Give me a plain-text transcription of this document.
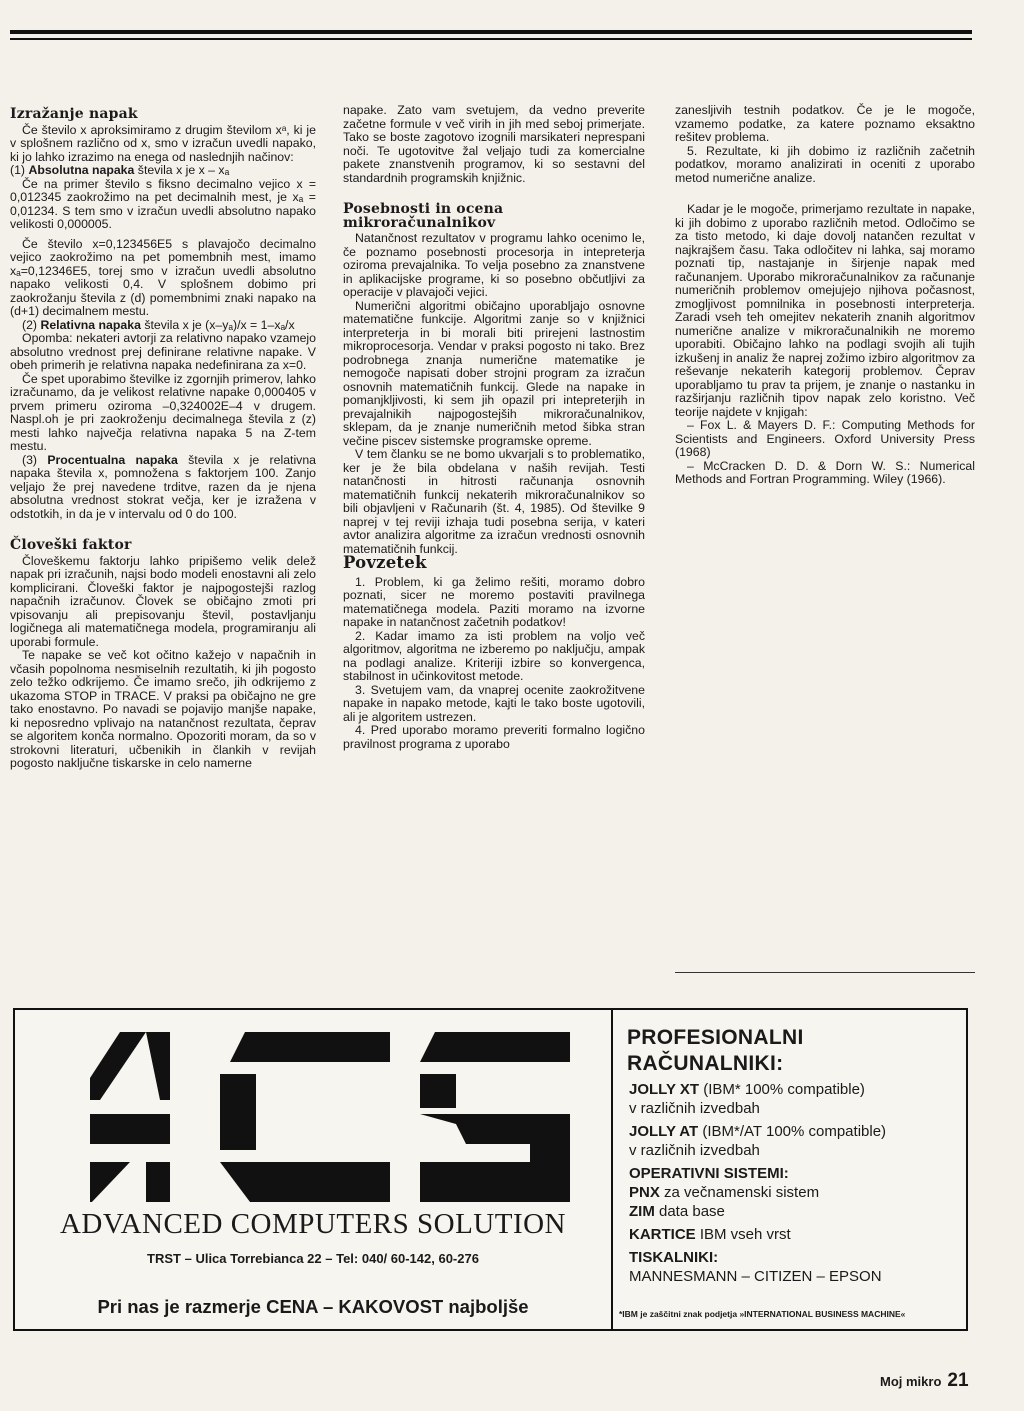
Izražanje napak

Če število x aproksimiramo z drugim številom xᵃ, ki je v splošnem različno od x, smo v izračun uvedli napako, ki jo lahko izrazimo na enega od naslednjih načinov:

(1) Absolutna napaka števila x je x – xₐ

Če na primer število s fiksno decimalno vejico x = 0,012345 zaokrožimo na pet decimalnih mest, je xₐ = 0,01234. S tem smo v izračun uvedli absolutno napako velikosti 0,000005.

Če število x=0,123456E5 s plavajočo decimalno vejico zaokrožimo na pet pomembnih mest, imamo xₐ=0,12346E5, torej smo v izračun uvedli absolutno napako velikosti 0,4. V splošnem dobimo pri zaokrožanju števila z (d) pomembnimi znaki napako na (d+1) decimalnem mestu.

(2) Relativna napaka števila x je (x–yₐ)/x = 1–xₐ/x

Opomba: nekateri avtorji za relativno napako vzamejo absolutno vrednost prej definirane relativne napake. V obeh primerih je relativna napaka nedefinirana za x=0.

Če spet uporabimo številke iz zgornjih primerov, lahko izračunamo, da je velikost relativne napake 0,000405 v prvem primeru oziroma –0,324002E–4 v drugem. Naspl.oh je pri zaokroženju decimalnega števila z (z) mesti lahko največja relativna napaka 5 na Z-tem mestu.

(3) Procentualna napaka števila x je relativna napaka števila x, pomnožena s faktorjem 100. Zanjo veljajo že prej navedene trditve, razen da je njena absolutna vrednost stokrat večja, ker je izražena v odstotkih, in da je v intervalu od 0 do 100.

Človeški faktor

Človeškemu faktorju lahko pripišemo velik delež napak pri izračunih, najsi bodo modeli enostavni ali zelo komplicirani. Človeški faktor je najpogostejši razlog napačnih izračunov. Človek se običajno zmoti pri vpisovanju ali prepisovanju števil, postavljanju logičnega ali matematičnega modela, programiranju ali uporabi formule.

Te napake se več kot očitno kažejo v napačnih in včasih popolnoma nesmiselnih rezultatih, ki jih pogosto zelo težko odkrijemo. Če imamo srečo, jih odkrijemo z ukazoma STOP in TRACE. V praksi pa običajno ne gre tako enostavno. Po navadi se pojavijo manjše napake, ki neposredno vplivajo na natančnost rezultata, čeprav se algoritem konča normalno. Opozoriti moram, da so v strokovni literaturi, učbenikih in člankih v revijah pogosto naključne tiskarske in celo namerne

napake. Zato vam svetujem, da vedno preverite začetne formule v več virih in jih med seboj primerjate. Tako se boste zagotovo izognili marsikateri neprespani noči. Te ugotovitve žal veljajo tudi za komercialne pakete znanstvenih programov, ki so sestavni del standardnih programskih knjižnic.

Posebnosti in ocena mikroračunalnikov

Natančnost rezultatov v programu lahko ocenimo le, če poznamo posebnosti procesorja in intepreterja oziroma prevajalnika. To velja posebno za znanstvene in aplikacijske programe, ki so posebno občutljivi za operacije v plavajoči vejici.

Numerični algoritmi običajno uporabljajo osnovne matematične funkcije. Algoritmi zanje so v knjižnici interpreterja in bi morali biti prirejeni lastnostim mikroprocesorja. Vendar v praksi pogosto ni tako. Brez podrobnega znanja numerične matematike je nemogoče napisati dober strojni program za izračun osnovnih matematičnih funkcij. Glede na napake in pomanjkljivosti, ki sem jih opazil pri intepreterjih in prevajalnikih najpogostejših mikroračunalnikov, sklepam, da je znanje numeričnih metod šibka stran večine piscev sistemske programske opreme.

V tem članku se ne bomo ukvarjali s to problematiko, ker je že bila obdelana v naših revijah. Testi natančnosti in hitrosti računanja osnovnih matematičnih funkcij nekaterih mikroračunalnikov so bili objavljeni v Računarih (št. 4, 1985). Od številke 9 naprej v tej reviji izhaja tudi posebna serija, v kateri avtor analizira algoritme za izračun vrednosti osnovnih matematičnih funkcij.

Povzetek

1. Problem, ki ga želimo rešiti, moramo dobro poznati, sicer ne moremo postaviti pravilnega matematičnega modela. Paziti moramo na izvorne napake in natančnost začetnih podatkov!

2. Kadar imamo za isti problem na voljo več algoritmov, algoritma ne izberemo po naključju, ampak na podlagi analize. Kriteriji izbire so konvergenca, stabilnost in učinkovitost metode.

3. Svetujem vam, da vnaprej ocenite zaokrožitvene napake in napako metode, kajti le tako boste ugotovili, ali je algoritem ustrezen.

4. Pred uporabo moramo preveriti formalno logično pravilnost programa z uporabo

zanesljivih testnih podatkov. Če je le mogoče, vzamemo podatke, za katere poznamo eksaktno rešitev problema.

5. Rezultate, ki jih dobimo iz različnih začetnih podatkov, moramo analizirati in oceniti z uporabo metod numerične analize.

Kadar je le mogoče, primerjamo rezultate in napake, ki jih dobimo z uporabo različnih metod. Odločimo se za tisto metodo, ki daje dovolj natančen rezultat v najkrajšem času. Taka odločitev ni lahka, saj moramo poznati tip, nastajanje in širjenje napak med računanjem. Uporabo mikroračunalnikov za računanje numeričnih problemov omejujejo njihova počasnost, zmogljivost pomnilnika in posebnosti interpreterja. Zaradi vseh teh omejitev nekaterih znanih algoritmov numerične analize v mikroračunalnikih ne moremo uporabiti. Običajno lahko na podlagi svojih ali tujih izkušenj in analiz že naprej zožimo izbiro algoritmov za reševanje nekaterih kategorij problemov. Čeprav uporabljamo tu prav ta prijem, je znanje o nastanku in razširjanju različnih tipov napak zelo koristno. Več teorije najdete v knjigah:

– Fox L. & Mayers D. F.: Computing Methods for Scientists and Engineers. Oxford University Press (1968)

– McCracken D. D. & Dorn W. S.: Numerical Methods and Fortran Programming. Wiley (1966).

ADVANCED COMPUTERS SOLUTION
TRST – Ulica Torrebianca 22 – Tel: 040/ 60-142, 60-276
Pri nas je razmerje CENA – KAKOVOST najboljše
PROFESIONALNI
RAČUNALNIKI:
JOLLY XT (IBM* 100% compatible)
v različnih izvedbah
JOLLY AT (IBM*/AT 100% compatible)
v različnih izvedbah
OPERATIVNI SISTEMI:
PNX za večnamenski sistem
ZIM data base
KARTICE IBM vseh vrst
TISKALNIKI:
MANNESMANN – CITIZEN – EPSON
*IBM je zaščitni znak podjetja »INTERNATIONAL BUSINESS MACHINE«
Moj mikro 21
